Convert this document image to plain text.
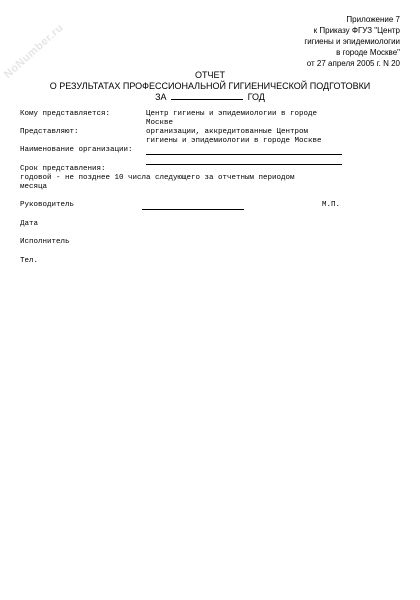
NoNumber.ru
Приложение 7
к Приказу ФГУЗ "Центр
гигиены и эпидемиологии
в городе Москве"
от 27 апреля 2005 г. N 20
ОТЧЕТ
О РЕЗУЛЬТАТАХ ПРОФЕССИОНАЛЬНОЙ ГИГИЕНИЧЕСКОЙ ПОДГОТОВКИ
ЗА	ГОД
Кому представляется:	Центр гигиены и эпидемиологии в городе
Москве
Представляют:	организации, аккредитованные Центром
гигиены и эпидемиологии в городе Москве
Наименование организации:
Срок представления:
годовой - не позднее 10 числа следующего за отчетным периодом
месяца
Руководитель	М.П.
Дата
Исполнитель
Тел.
